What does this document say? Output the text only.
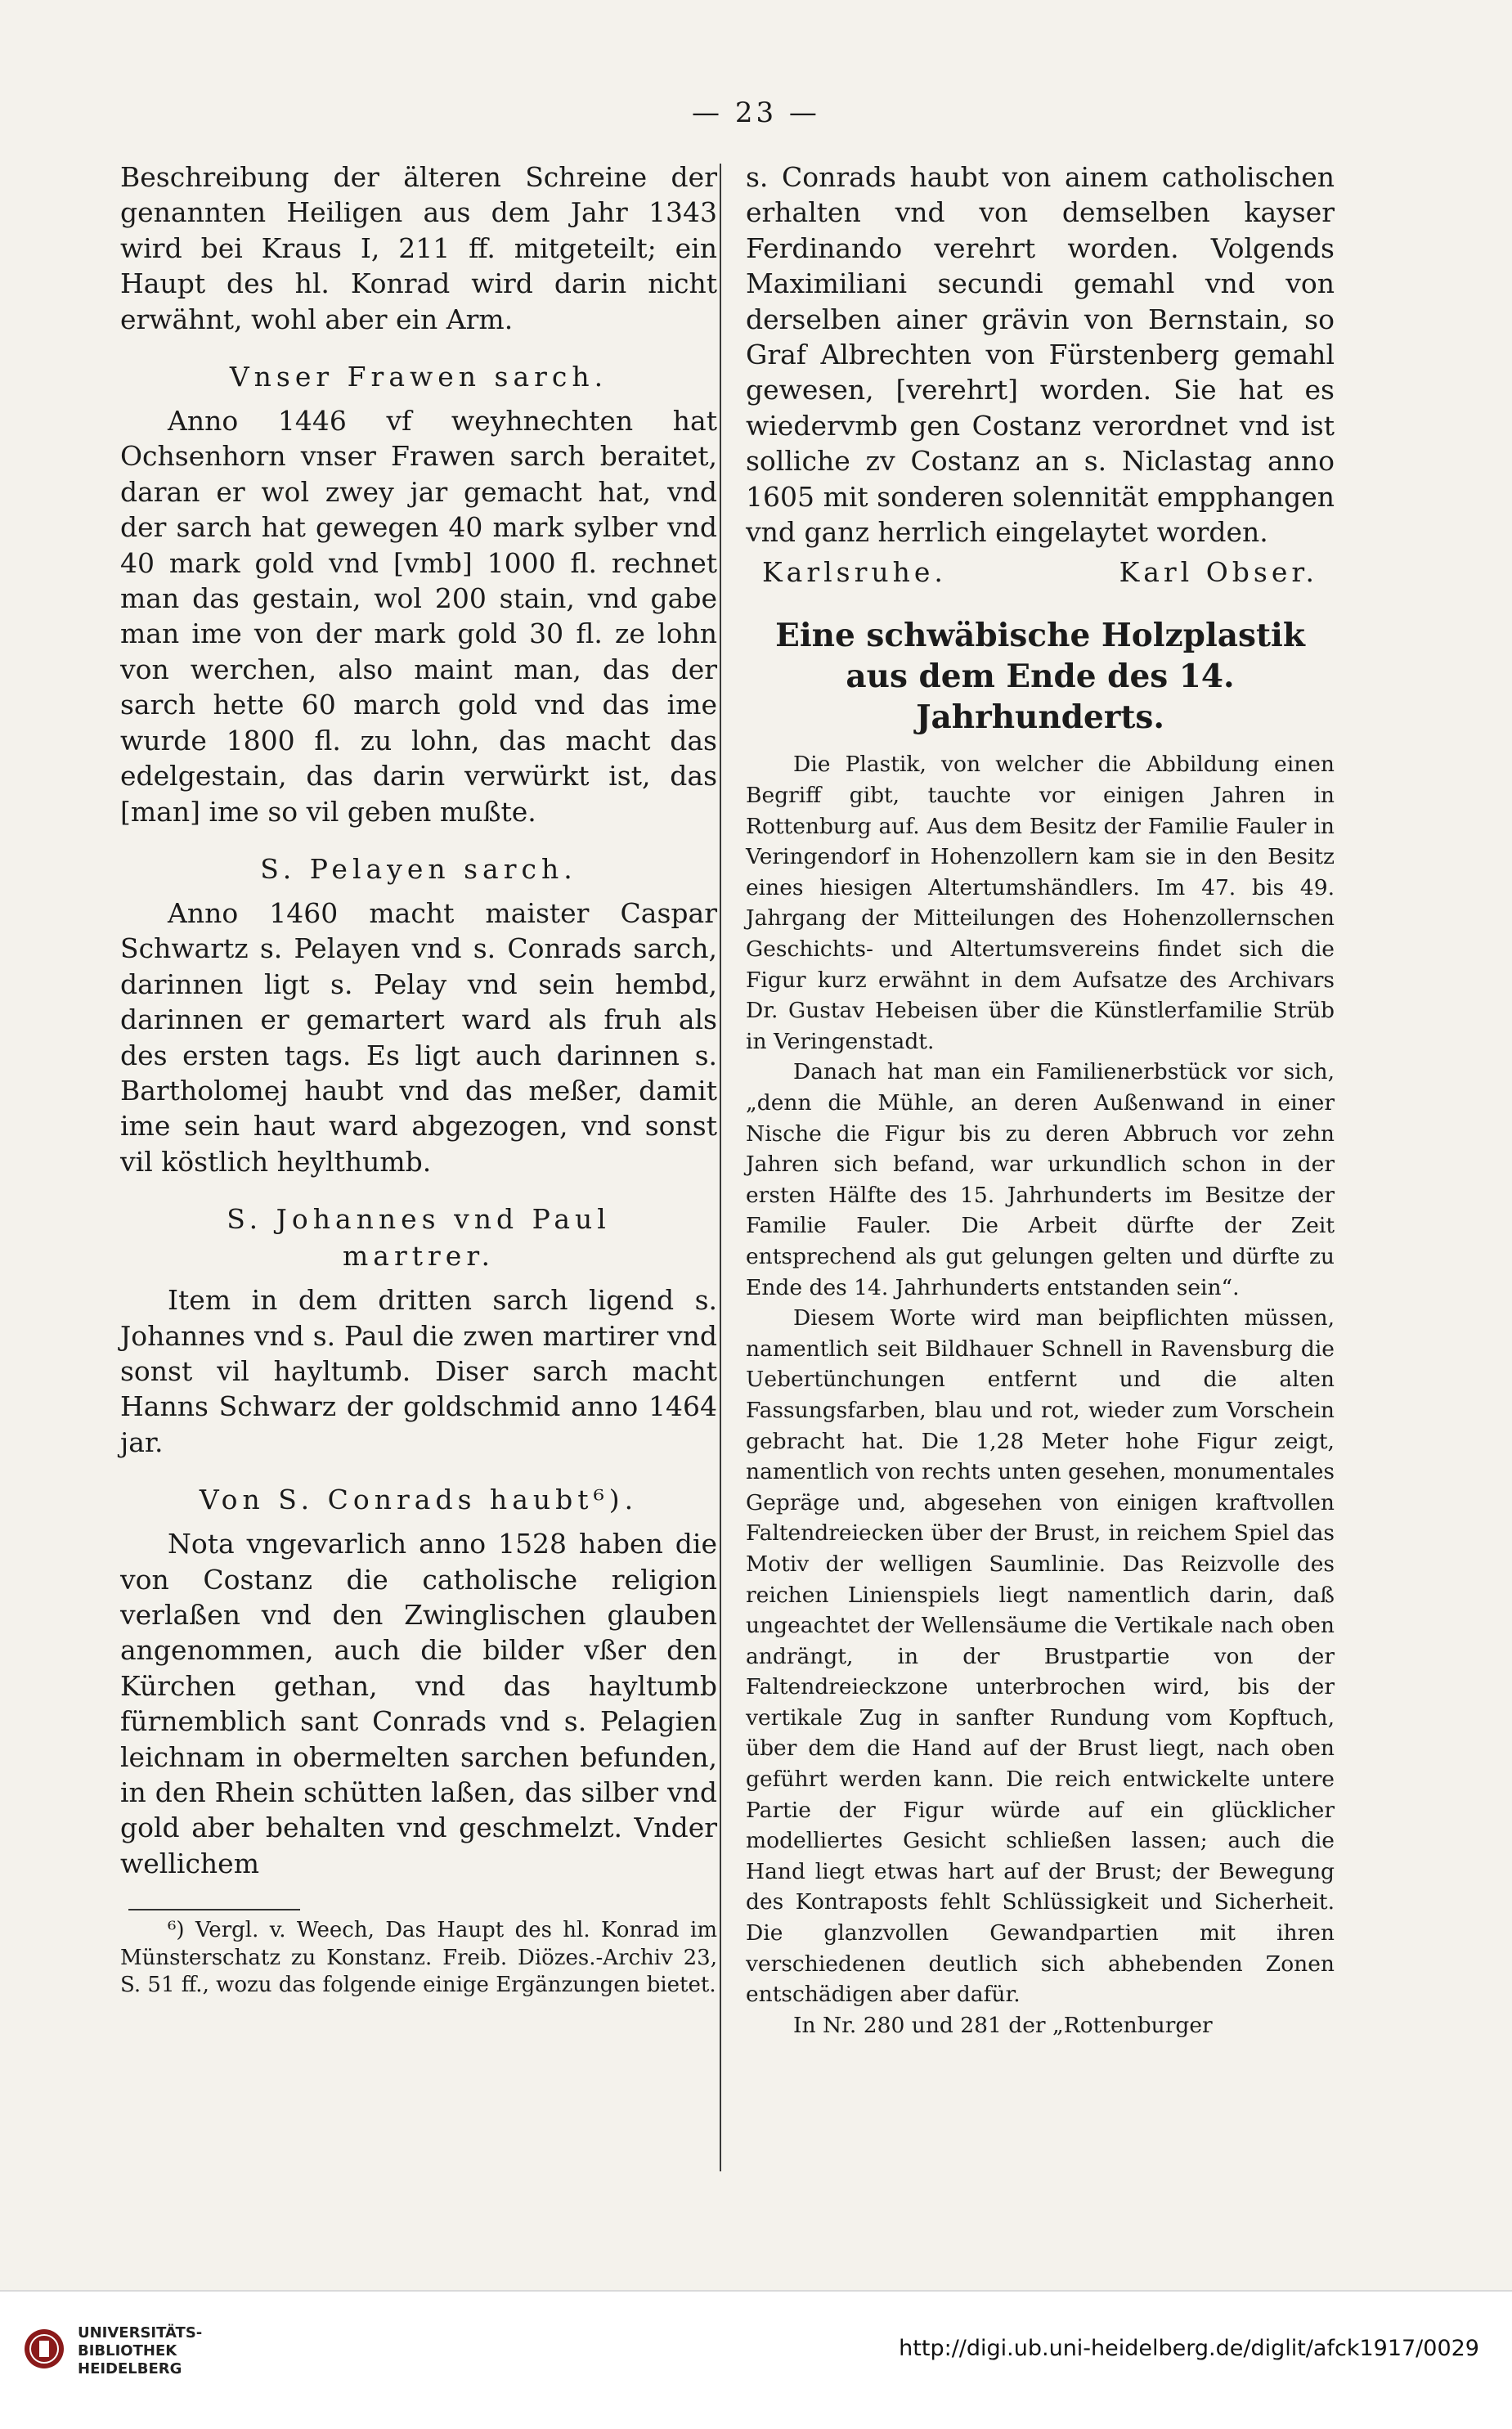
— 23 —

Beschreibung der älteren Schreine der genannten Heiligen aus dem Jahr 1343 wird bei Kraus I, 211 ff. mitgeteilt; ein Haupt des hl. Konrad wird darin nicht erwähnt, wohl aber ein Arm.

Vnser Frawen sarch.

Anno 1446 vf weyhnechten hat Ochsenhorn vnser Frawen sarch beraitet, daran er wol zwey jar gemacht hat, vnd der sarch hat gewegen 40 mark sylber vnd 40 mark gold vnd [vmb] 1000 fl. rechnet man das gestain, wol 200 stain, vnd gabe man ime von der mark gold 30 fl. ze lohn von werchen, also maint man, das der sarch hette 60 march gold vnd das ime wurde 1800 fl. zu lohn, das macht das edelgestain, das darin verwürkt ist, das [man] ime so vil geben mußte.

S. Pelayen sarch.

Anno 1460 macht maister Caspar Schwartz s. Pelayen vnd s. Conrads sarch, darinnen ligt s. Pelay vnd sein hembd, darinnen er gemartert ward als fruh als des ersten tags. Es ligt auch darinnen s. Bartholomej haubt vnd das meßer, damit ime sein haut ward abgezogen, vnd sonst vil köstlich heylthumb.

S. Johannes vnd Paul
martrer.

Item in dem dritten sarch ligend s. Johannes vnd s. Paul die zwen martirer vnd sonst vil hayltumb. Diser sarch macht Hanns Schwarz der goldschmid anno 1464 jar.

Von S. Conrads haubt⁶).

Nota vngevarlich anno 1528 haben die von Costanz die catholische religion verlaßen vnd den Zwinglischen glauben angenommen, auch die bilder vßer den Kürchen gethan, vnd das hayltumb fürnemblich sant Conrads vnd s. Pelagien leichnam in obermelten sarchen befunden, in den Rhein schütten laßen, das silber vnd gold aber behalten vnd geschmelzt. Vnder wellichem

⁶) Vergl. v. Weech, Das Haupt des hl. Konrad im Münsterschatz zu Konstanz. Freib. Diözes.-Archiv 23, S. 51 ff., wozu das folgende einige Ergänzungen bietet.

s. Conrads haubt von ainem catholischen erhalten vnd von demselben kayser Ferdinando verehrt worden. Volgends Maximiliani secundi gemahl vnd von derselben ainer grävin von Bernstain, so Graf Albrechten von Fürstenberg gemahl gewesen, [verehrt] worden. Sie hat es wiedervmb gen Costanz verordnet vnd ist solliche zv Costanz an s. Niclastag anno 1605 mit sonderen solennität empphangen vnd ganz herrlich eingelaytet worden.

Karlsruhe.	Karl Obser.
Eine schwäbische Holzplastik aus dem Ende des 14. Jahrhunderts.

Die Plastik, von welcher die Abbildung einen Begriff gibt, tauchte vor einigen Jahren in Rottenburg auf. Aus dem Besitz der Familie Fauler in Veringendorf in Hohenzollern kam sie in den Besitz eines hiesigen Altertumshändlers. Im 47. bis 49. Jahrgang der Mitteilungen des Hohenzollernschen Geschichts- und Altertumsvereins findet sich die Figur kurz erwähnt in dem Aufsatze des Archivars Dr. Gustav Hebeisen über die Künstlerfamilie Strüb in Veringenstadt.

Danach hat man ein Familienerbstück vor sich, „denn die Mühle, an deren Außenwand in einer Nische die Figur bis zu deren Abbruch vor zehn Jahren sich befand, war urkundlich schon in der ersten Hälfte des 15. Jahrhunderts im Besitze der Familie Fauler. Die Arbeit dürfte der Zeit entsprechend als gut gelungen gelten und dürfte zu Ende des 14. Jahrhunderts entstanden sein“.

Diesem Worte wird man beipflichten müssen, namentlich seit Bildhauer Schnell in Ravensburg die Uebertünchungen entfernt und die alten Fassungsfarben, blau und rot, wieder zum Vorschein gebracht hat. Die 1,28 Meter hohe Figur zeigt, namentlich von rechts unten gesehen, monumentales Gepräge und, abgesehen von einigen kraftvollen Faltendreiecken über der Brust, in reichem Spiel das Motiv der welligen Saumlinie. Das Reizvolle des reichen Linienspiels liegt namentlich darin, daß ungeachtet der Wellensäume die Vertikale nach oben andrängt, in der Brustpartie von der Faltendreieckzone unterbrochen wird, bis der vertikale Zug in sanfter Rundung vom Kopftuch, über dem die Hand auf der Brust liegt, nach oben geführt werden kann. Die reich entwickelte untere Partie der Figur würde auf ein glücklicher modelliertes Gesicht schließen lassen; auch die Hand liegt etwas hart auf der Brust; der Bewegung des Kontraposts fehlt Schlüssigkeit und Sicherheit. Die glanzvollen Gewandpartien mit ihren verschiedenen deutlich sich abhebenden Zonen entschädigen aber dafür.

In Nr. 280 und 281 der „Rottenburger

UNIVERSITÄTS-
BIBLIOTHEK
HEIDELBERG
http://digi.ub.uni-heidelberg.de/diglit/afck1917/0029
